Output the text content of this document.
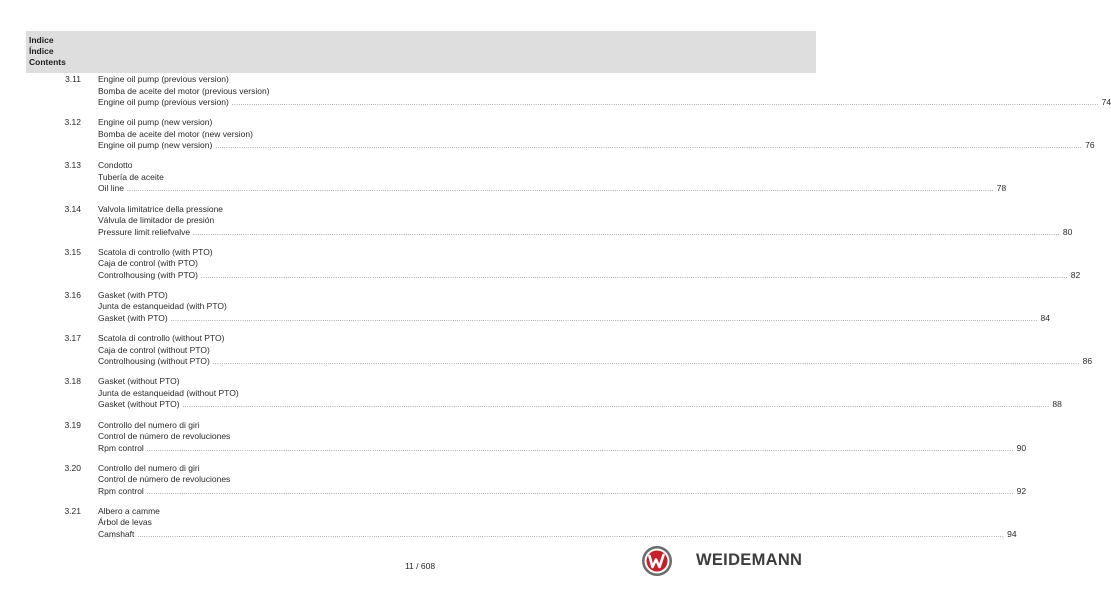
Indice
Índice
Contents
3.11 Engine oil pump (previous version)
Bomba de aceite del motor (previous version)
Engine oil pump (previous version) ................................................................................................................................................................................................................................................................................................................................................................................................................ 74
3.12 Engine oil pump (new version)
Bomba de aceite del motor (new version)
Engine oil pump (new version) ................................................................................................................................................................................................................................................................................................................................................................................................................ 76
3.13 Condotto
Tubería de aceite
Oil line ................................................................................................................................................................................................................................................................................................................................................................................................................ 78
3.14 Valvola limitatrice della pressione
Válvula de limitador de presión
Pressure limit reliefvalve ................................................................................................................................................................................................................................................................................................................................................................................................................ 80
3.15 Scatola di controllo (with PTO)
Caja de control (with PTO)
Controlhousing (with PTO) ................................................................................................................................................................................................................................................................................................................................................................................................................ 82
3.16 Gasket (with PTO)
Junta de estanqueidad (with PTO)
Gasket (with PTO) ................................................................................................................................................................................................................................................................................................................................................................................................................ 84
3.17 Scatola di controllo (without PTO)
Caja de control (without PTO)
Controlhousing (without PTO) ................................................................................................................................................................................................................................................................................................................................................................................................................ 86
3.18 Gasket (without PTO)
Junta de estanqueidad (without PTO)
Gasket (without PTO) ................................................................................................................................................................................................................................................................................................................................................................................................................ 88
3.19 Controllo del numero di giri
Control de número de revoluciones
Rpm control ................................................................................................................................................................................................................................................................................................................................................................................................................ 90
3.20 Controllo del numero di giri
Control de número de revoluciones
Rpm control ................................................................................................................................................................................................................................................................................................................................................................................................................ 92
3.21 Albero a camme
Árbol de levas
Camshaft ................................................................................................................................................................................................................................................................................................................................................................................................................ 94
11 / 608	WEIDEMANN
